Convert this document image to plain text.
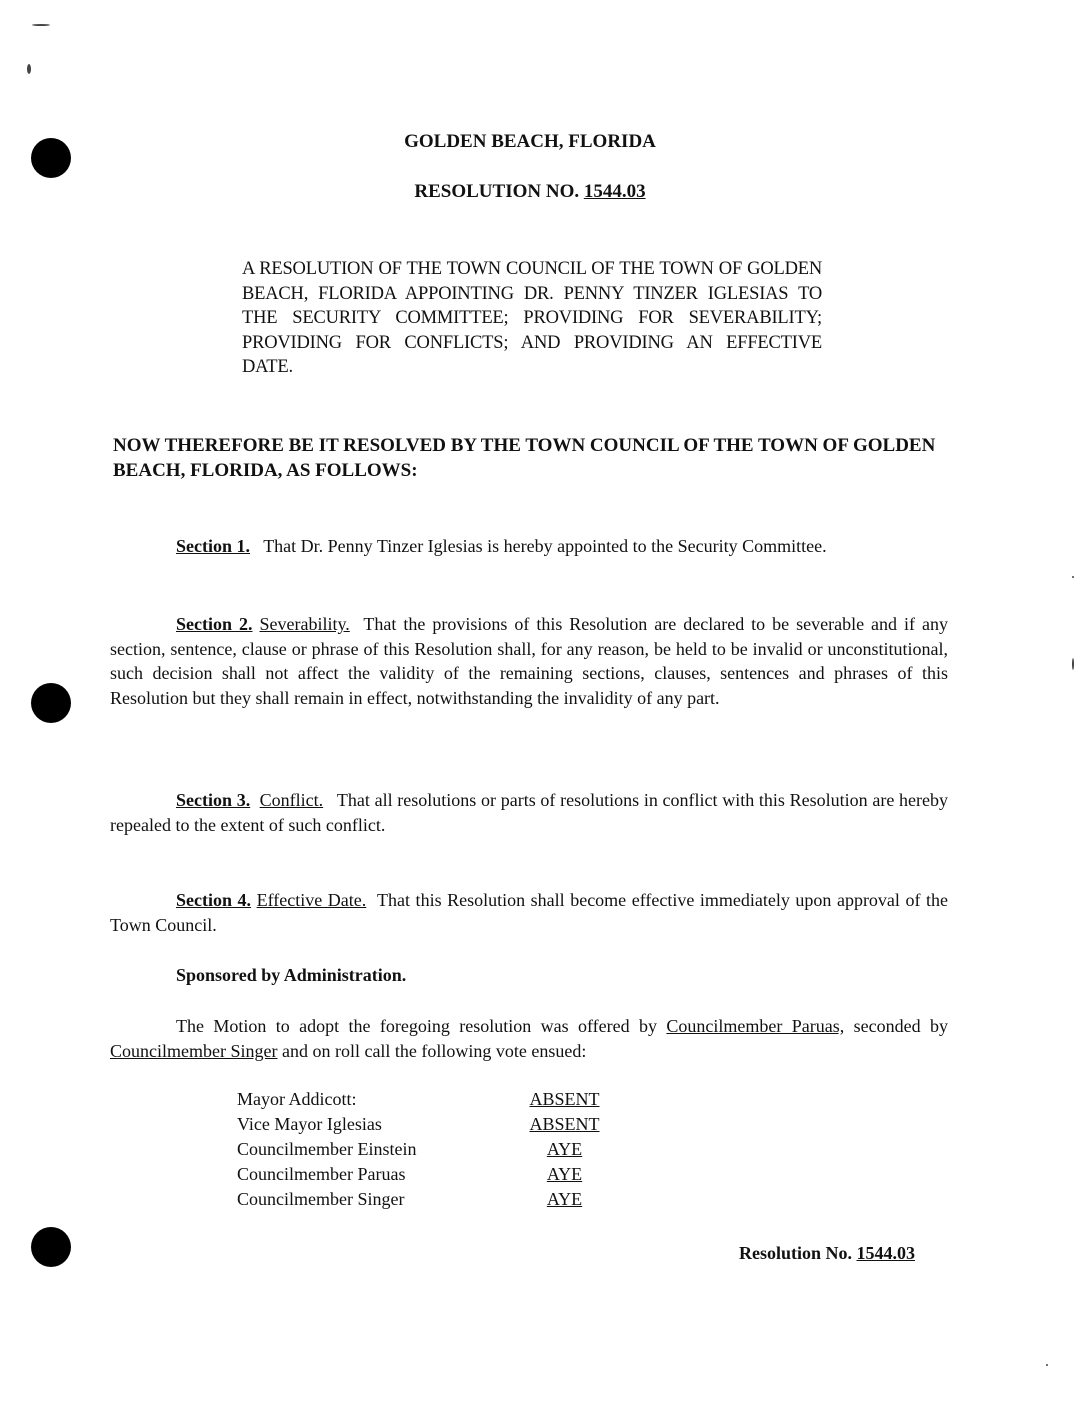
GOLDEN BEACH, FLORIDA
RESOLUTION NO. 1544.03
A RESOLUTION OF THE TOWN COUNCIL OF THE TOWN OF GOLDEN BEACH, FLORIDA APPOINTING DR. PENNY TINZER IGLESIAS TO THE SECURITY COMMITTEE; PROVIDING FOR SEVERABILITY; PROVIDING FOR CONFLICTS; AND PROVIDING AN EFFECTIVE DATE.
NOW THEREFORE BE IT RESOLVED BY THE TOWN COUNCIL OF THE TOWN OF GOLDEN BEACH, FLORIDA, AS FOLLOWS:
Section 1. That Dr. Penny Tinzer Iglesias is hereby appointed to the Security Committee.
Section 2. Severability. That the provisions of this Resolution are declared to be severable and if any section, sentence, clause or phrase of this Resolution shall, for any reason, be held to be invalid or unconstitutional, such decision shall not affect the validity of the remaining sections, clauses, sentences and phrases of this Resolution but they shall remain in effect, notwithstanding the invalidity of any part.
Section 3. Conflict. That all resolutions or parts of resolutions in conflict with this Resolution are hereby repealed to the extent of such conflict.
Section 4. Effective Date. That this Resolution shall become effective immediately upon approval of the Town Council.
Sponsored by Administration.
The Motion to adopt the foregoing resolution was offered by Councilmember Paruas, seconded by Councilmember Singer and on roll call the following vote ensued:
Mayor Addicott:	ABSENT
Vice Mayor Iglesias	ABSENT
Councilmember Einstein	AYE
Councilmember Paruas	AYE
Councilmember Singer	AYE
Resolution No. 1544.03
